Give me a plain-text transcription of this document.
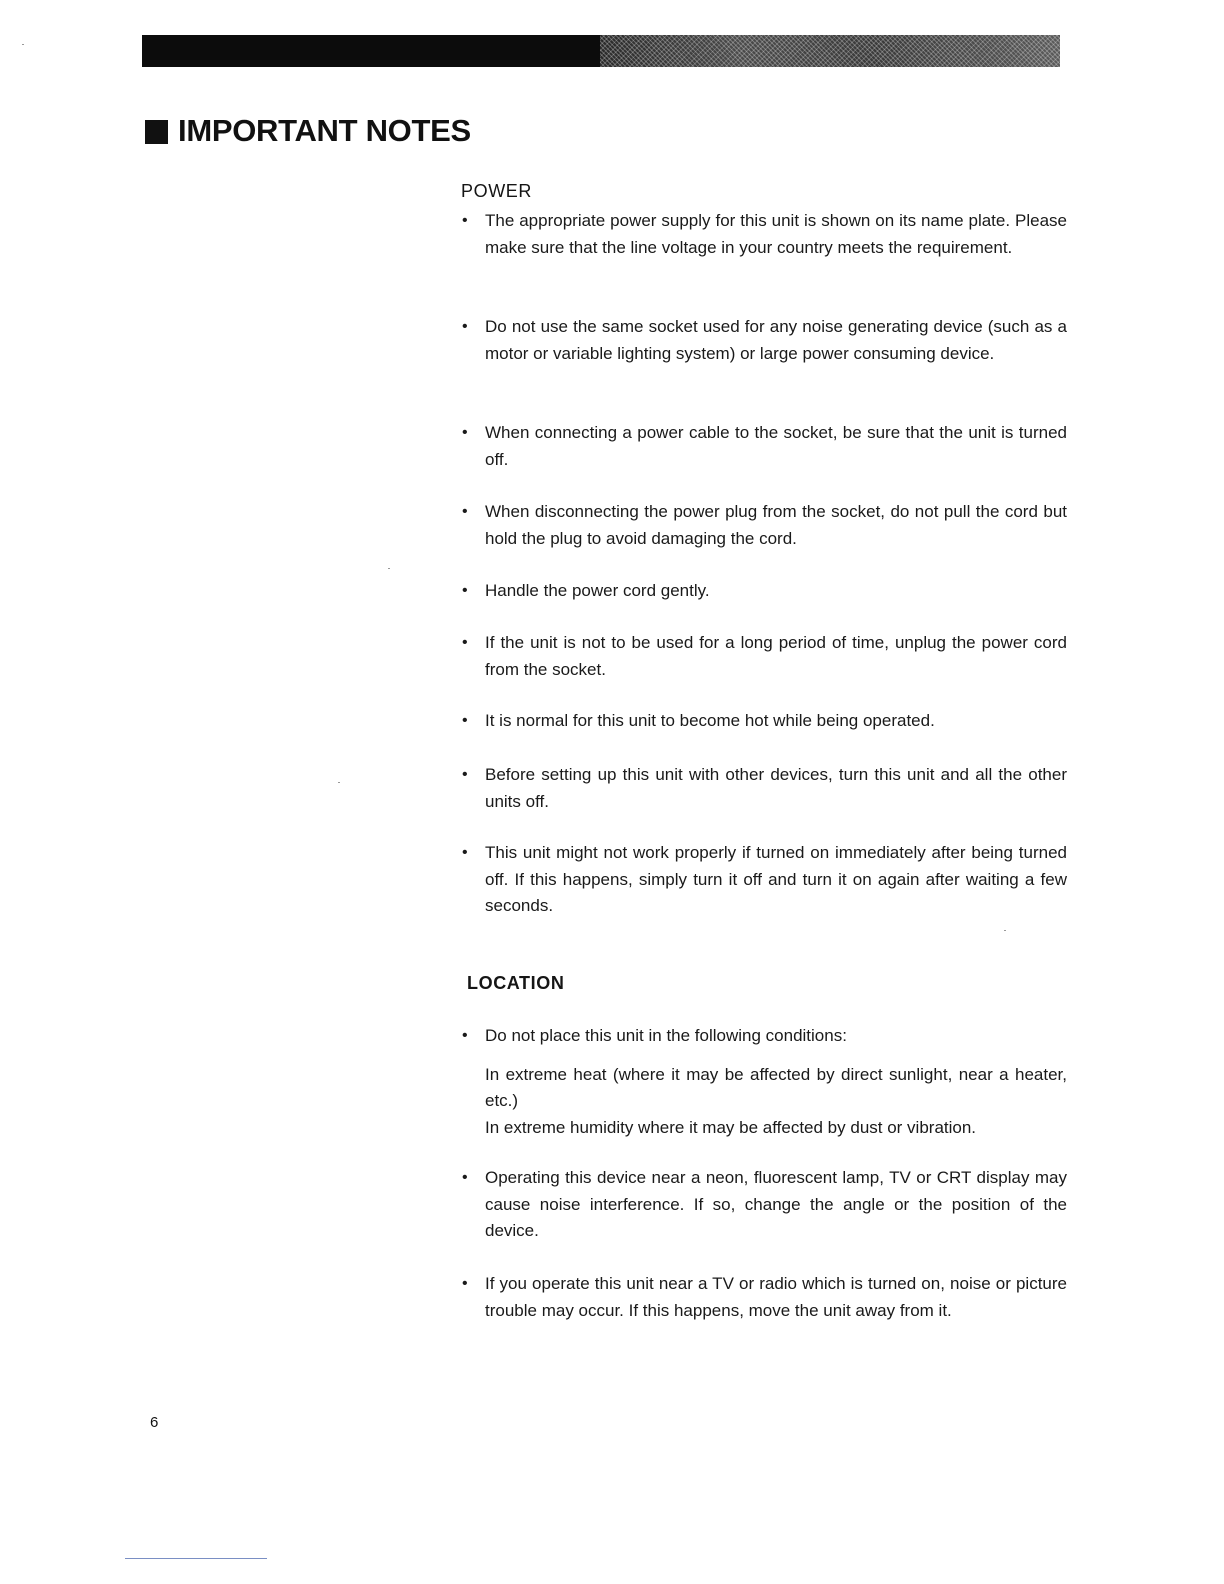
IMPORTANT NOTES
POWER
•	The appropriate power supply for this unit is shown on its name plate. Please make sure that the line voltage in your country meets the requirement.
•	Do not use the same socket used for any noise generating device (such as a motor or variable lighting system) or large power consuming device.
•	When connecting a power cable to the socket, be sure that the unit is turned off.
•	When disconnecting the power plug from the socket, do not pull the cord but hold the plug to avoid damaging the cord.
•	Handle the power cord gently.
•	If the unit is not to be used for a long period of time, unplug the power cord from the socket.
•	It is normal for this unit to become hot while being operated.
•	Before setting up this unit with other devices, turn this unit and all the other units off.
•	This unit might not work properly if turned on immediately after being turned off. If this happens, simply turn it off and turn it on again after waiting a few seconds.
LOCATION
•	Do not place this unit in the following conditions:
In extreme heat (where it may be affected by direct sunlight, near a heater, etc.)
In extreme humidity where it may be affected by dust or vibration.
•	Operating this device near a neon, fluorescent lamp, TV or CRT display may cause noise interference. If so, change the angle or the position of the device.
•	If you operate this unit near a TV or radio which is turned on, noise or picture trouble may occur. If this happens, move the unit away from it.
6
